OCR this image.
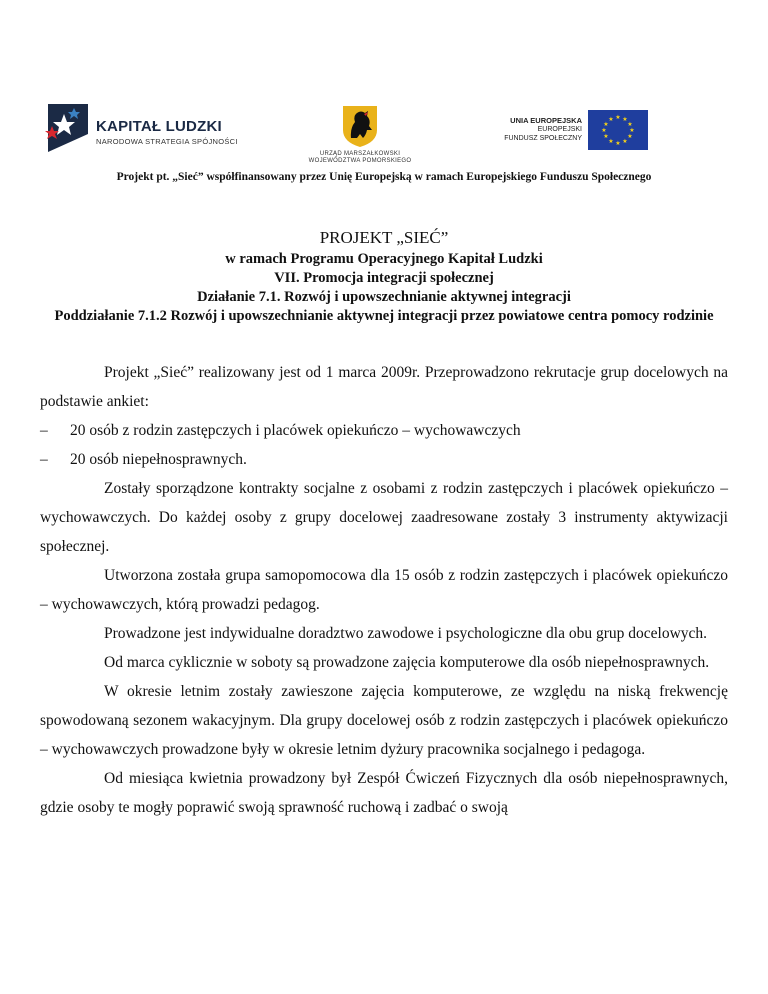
KAPITAŁ LUDZKI
NARODOWA STRATEGIA SPÓJNOŚCI
URZĄD MARSZAŁKOWSKI
WOJEWÓDZTWA POMORSKIEGO
UNIA EUROPEJSKA
EUROPEJSKI
FUNDUSZ SPOŁECZNY
★ ★
★
★
★
★
★
★
★
★
★
★
Projekt pt. „Sieć” współfinansowany przez Unię Europejską w ramach Europejskiego Funduszu Społecznego
PROJEKT „SIEĆ”
w ramach Programu Operacyjnego Kapitał Ludzki
VII. Promocja integracji społecznej
Działanie 7.1. Rozwój i upowszechnianie aktywnej integracji
Poddziałanie 7.1.2 Rozwój i upowszechnianie aktywnej integracji przez powiatowe centra pomocy rodzinie

Projekt „Sieć” realizowany jest od 1 marca 2009r. Przeprowadzono rekrutacje grup docelowych na podstawie ankiet:

– 20 osób z rodzin zastępczych i placówek opiekuńczo – wychowawczych
– 20 osób niepełnosprawnych.

Zostały sporządzone kontrakty socjalne z osobami z rodzin zastępczych i placówek opiekuńczo – wychowawczych. Do każdej osoby z grupy docelowej zaadresowane zostały 3 instrumenty aktywizacji społecznej.

Utworzona została grupa samopomocowa dla 15 osób z rodzin zastępczych i placówek opiekuńczo – wychowawczych, którą prowadzi pedagog.

Prowadzone jest indywidualne doradztwo zawodowe i psychologiczne dla obu grup docelowych.

Od marca cyklicznie w soboty są prowadzone zajęcia komputerowe dla osób niepełnosprawnych.

W okresie letnim zostały zawieszone zajęcia komputerowe, ze względu na niską frekwencję spowodowaną sezonem wakacyjnym. Dla grupy docelowej osób z rodzin zastępczych i placówek opiekuńczo – wychowawczych prowadzone były w okresie letnim dyżury pracownika socjalnego i pedagoga.

Od miesiąca kwietnia prowadzony był Zespół Ćwiczeń Fizycznych dla osób niepełnosprawnych, gdzie osoby te mogły poprawić swoją sprawność ruchową i zadbać o swoją
